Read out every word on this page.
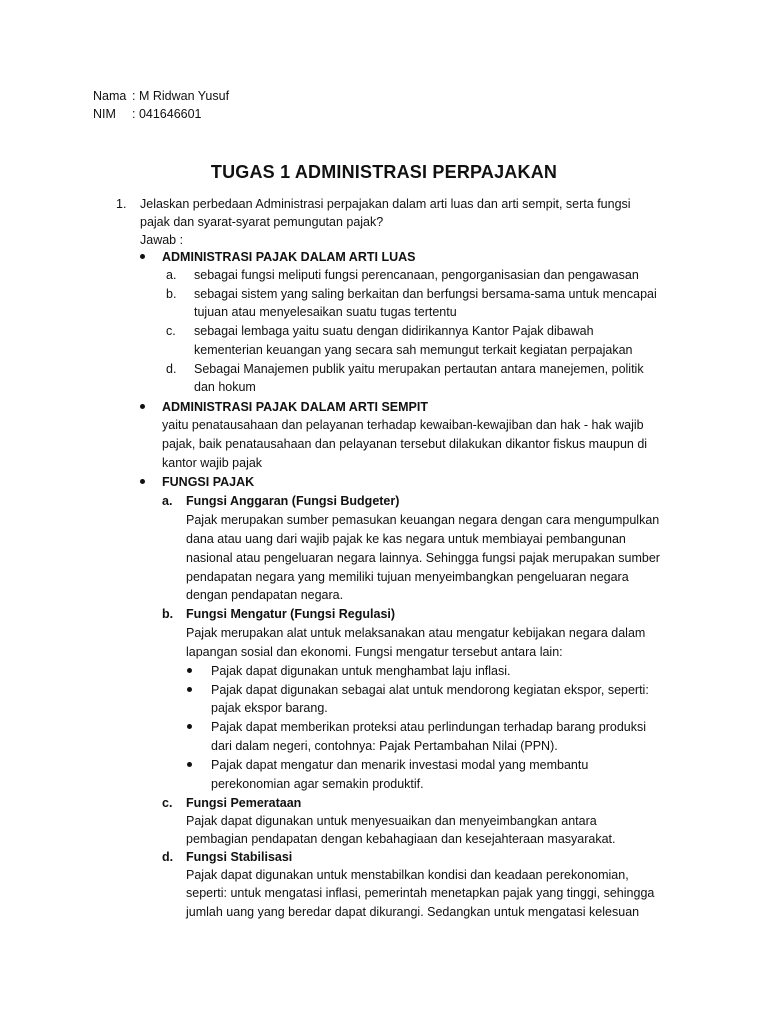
Nama : M Ridwan Yusuf
NIM : 041646601
TUGAS 1 ADMINISTRASI PERPAJAKAN
1. Jelaskan perbedaan Administrasi perpajakan dalam arti luas dan arti sempit, serta fungsi
pajak dan syarat-syarat pemungutan pajak?
Jawab :
ADMINISTRASI PAJAK DALAM ARTI LUAS
a. sebagai fungsi meliputi fungsi perencanaan, pengorganisasian dan pengawasan
b. sebagai sistem yang saling berkaitan dan berfungsi bersama-sama untuk mencapai
tujuan atau menyelesaikan suatu tugas tertentu
c. sebagai lembaga yaitu suatu dengan didirikannya Kantor Pajak dibawah
kementerian keuangan yang secara sah memungut terkait kegiatan perpajakan
d. Sebagai Manajemen publik yaitu merupakan pertautan antara manejemen, politik
dan hokum
ADMINISTRASI PAJAK DALAM ARTI SEMPIT
yaitu penatausahaan dan pelayanan terhadap kewaiban-kewajiban dan hak - hak wajib
pajak, baik penatausahaan dan pelayanan tersebut dilakukan dikantor fiskus maupun di
kantor wajib pajak
FUNGSI PAJAK
a. Fungsi Anggaran (Fungsi Budgeter)
Pajak merupakan sumber pemasukan keuangan negara dengan cara mengumpulkan
dana atau uang dari wajib pajak ke kas negara untuk membiayai pembangunan
nasional atau pengeluaran negara lainnya. Sehingga fungsi pajak merupakan sumber
pendapatan negara yang memiliki tujuan menyeimbangkan pengeluaran negara
dengan pendapatan negara.
b. Fungsi Mengatur (Fungsi Regulasi)
Pajak merupakan alat untuk melaksanakan atau mengatur kebijakan negara dalam
lapangan sosial dan ekonomi. Fungsi mengatur tersebut antara lain:
Pajak dapat digunakan untuk menghambat laju inflasi.
Pajak dapat digunakan sebagai alat untuk mendorong kegiatan ekspor, seperti:
pajak ekspor barang.
Pajak dapat memberikan proteksi atau perlindungan terhadap barang produksi
dari dalam negeri, contohnya: Pajak Pertambahan Nilai (PPN).
Pajak dapat mengatur dan menarik investasi modal yang membantu
perekonomian agar semakin produktif.
c. Fungsi Pemerataan
Pajak dapat digunakan untuk menyesuaikan dan menyeimbangkan antara
pembagian pendapatan dengan kebahagiaan dan kesejahteraan masyarakat.
d. Fungsi Stabilisasi
Pajak dapat digunakan untuk menstabilkan kondisi dan keadaan perekonomian,
seperti: untuk mengatasi inflasi, pemerintah menetapkan pajak yang tinggi, sehingga
jumlah uang yang beredar dapat dikurangi. Sedangkan untuk mengatasi kelesuan
